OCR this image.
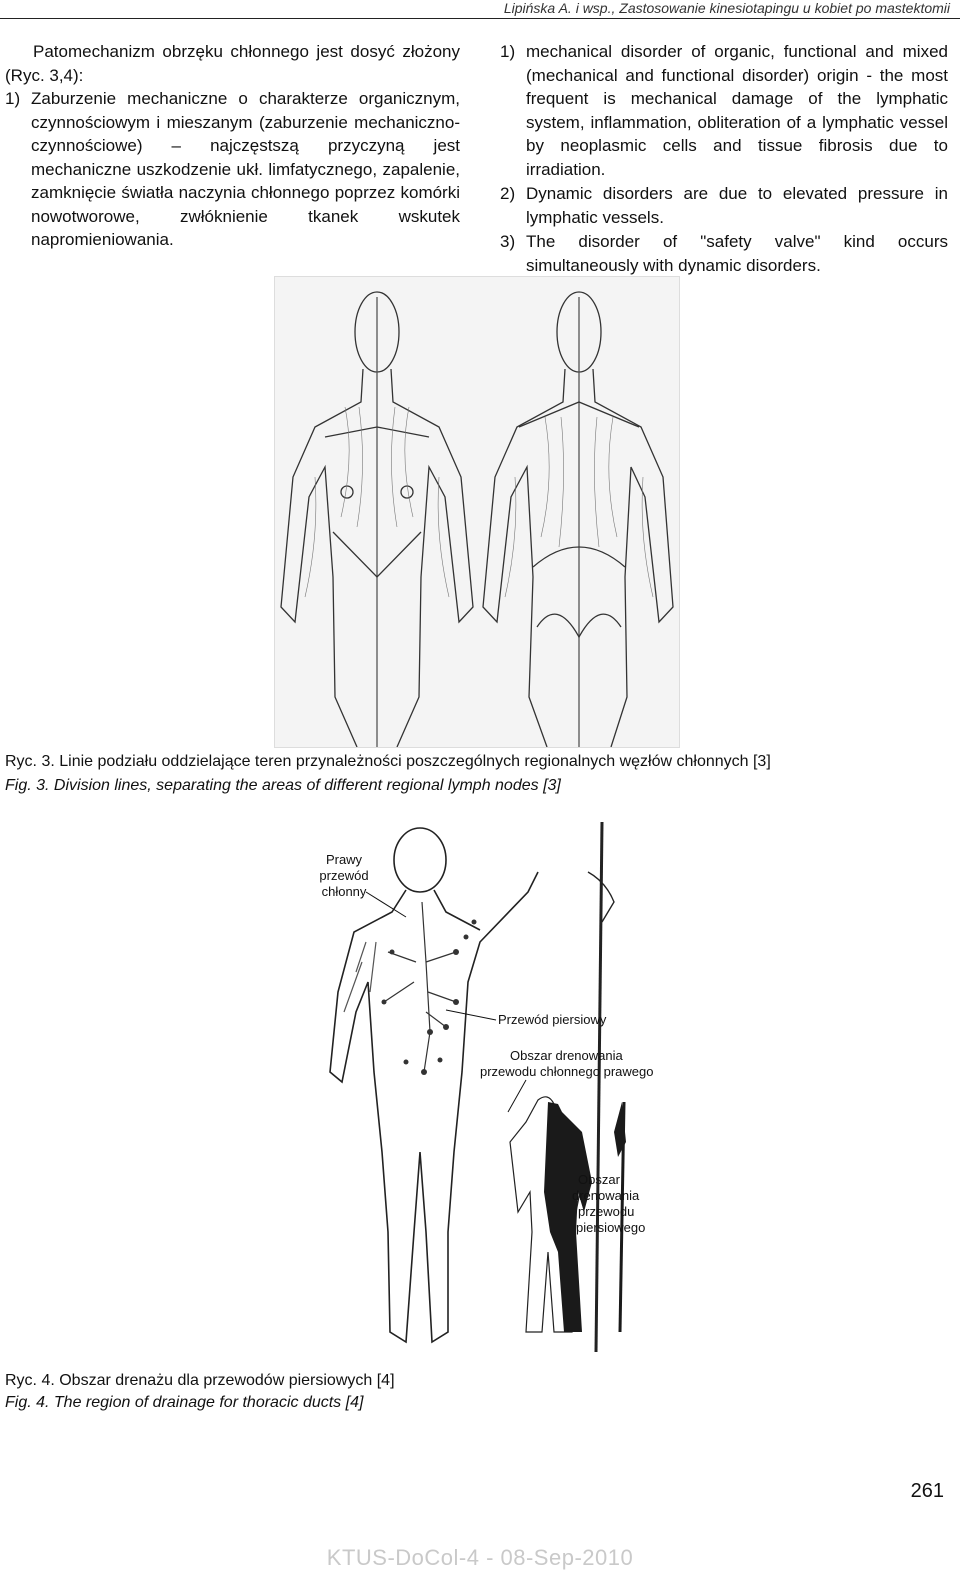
Lipińska A. i wsp., Zastosowanie kinesiotapingu u kobiet po mastektomii

Patomechanizm obrzęku chłonnego jest dosyć złożony (Ryc. 3,4):

1) Zaburzenie mechaniczne o charakterze organicznym, czynnościowym i mieszanym (zaburzenie mechaniczno-czynnościowe) – najczęstszą przyczyną jest mechaniczne uszkodzenie ukł. limfatycznego, zapalenie, zamknięcie światła naczynia chłonnego poprzez komórki nowotworowe, zwłóknienie tkanek wskutek napromieniowania.
1) mechanical disorder of organic, functional and mixed (mechanical and functional disorder) origin - the most frequent is mechanical damage of the lymphatic system, inflammation, obliteration of a lymphatic vessel by neoplasmic cells and tissue fibrosis due to irradiation.
2) Dynamic disorders are due to elevated pressure in lymphatic vessels.
3) The disorder of "safety valve" kind occurs simultaneously with dynamic disorders.
Ryc. 3. Linie podziału oddzielające teren przynależności poszczególnych regionalnych węzłów chłonnych [3]
Fig. 3. Division lines, separating the areas of different regional lymph nodes [3]
Prawy
przewód
chłonny
Przewód piersiowy
Obszar drenowania
przewodu chłonnego prawego
Obszar
drenowania
przewodu
piersiowego
Ryc. 4. Obszar drenażu dla przewodów piersiowych [4]
Fig. 4. The region of drainage for thoracic ducts [4]
261
KTUS-DoCol-4 - 08-Sep-2010
